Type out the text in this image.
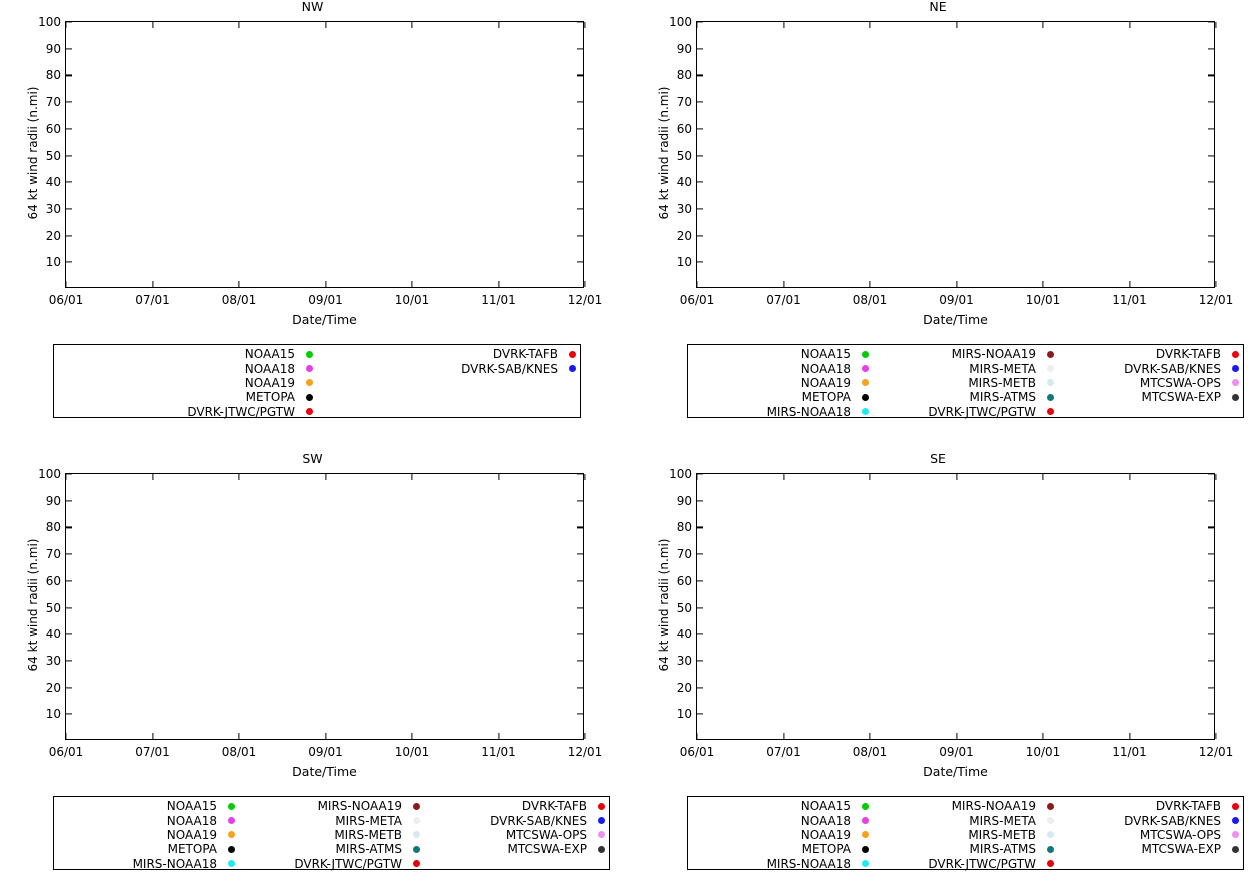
NW
64 kt wind radii (n.mi)
100
90
80
70
60
50
40
30
20
10
06/01	07/01	08/01	09/01	10/01	11/01	12/01
Date/Time
NOAA15	DVRK-TAFB
NOAA18	DVRK-SAB/KNES
NOAA19
METOPA
DVRK-JTWC/PGTW
NE
64 kt wind radii (n.mi)
100
90
80
70
60
50
40
30
20
10
06/01	07/01	08/01	09/01	10/01	11/01	12/01
Date/Time
NOAA15	MIRS-NOAA19	DVRK-TAFB
NOAA18	MIRS-META	DVRK-SAB/KNES
NOAA19	MIRS-METB	MTCSWA-OPS
METOPA	MIRS-ATMS	MTCSWA-EXP
MIRS-NOAA18	DVRK-JTWC/PGTW
SW
64 kt wind radii (n.mi)
100
90
80
70
60
50
40
30
20
10
06/01	07/01	08/01	09/01	10/01	11/01	12/01
Date/Time
NOAA15	MIRS-NOAA19	DVRK-TAFB
NOAA18	MIRS-META	DVRK-SAB/KNES
NOAA19	MIRS-METB	MTCSWA-OPS
METOPA	MIRS-ATMS	MTCSWA-EXP
MIRS-NOAA18	DVRK-JTWC/PGTW
SE
64 kt wind radii (n.mi)
100
90
80
70
60
50
40
30
20
10
06/01	07/01	08/01	09/01	10/01	11/01	12/01
Date/Time
NOAA15	MIRS-NOAA19	DVRK-TAFB
NOAA18	MIRS-META	DVRK-SAB/KNES
NOAA19	MIRS-METB	MTCSWA-OPS
METOPA	MIRS-ATMS	MTCSWA-EXP
MIRS-NOAA18	DVRK-JTWC/PGTW
